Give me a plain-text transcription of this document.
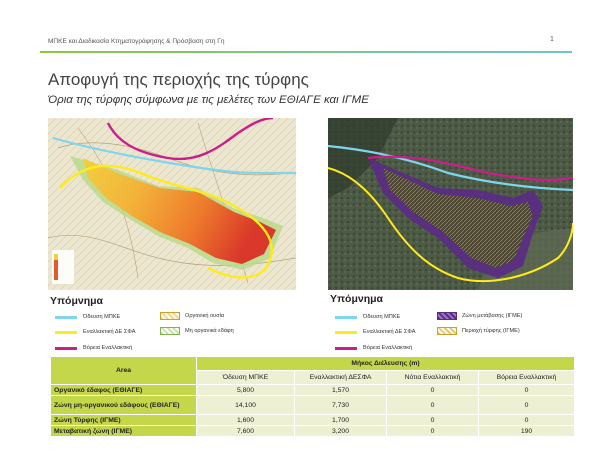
ΜΠΚΕ και Διαδικασία Κτηματογράφησης & Πρόσβαση στη Γη	1
Αποφυγή της περιοχής της τύρφης
Όρια της τύρφης σύμφωνα με τις μελέτες των ΕΘΙΑΓΕ και ΙΓΜΕ
Υπόμνημα
Όδευση ΜΠΚΕ	Οργανική ουσία
Εναλλακτική ΔΕ ΣΦΑ	Μη οργανικά εδάφη
Βόρεια Εναλλακτική
Υπόμνημα
Όδευση ΜΠΚΕ	Ζώνη μετάβασης (ΙΓΜΕ)
Εναλλακτική ΔΕ ΣΦΑ	Περιοχή τύρφης (ΙΓΜΕ)
Βόρεια Εναλλακτική
Area	Μήκος Διέλευσης (m)			
	Όδευση ΜΠΚΕ	Εναλλακτική ΔΕΣΦΑ	Νότια Εναλλακτική	Βόρεια Εναλλακτική
Οργανικό έδαφος (ΕΘΙΑΓΕ)	5,800	1,570	0	0
Ζώνη μη-οργανικού εδάφους (ΕΘΙΑΓΕ)	14,100	7,730	0	0
Ζώνη Τύρφης (ΙΓΜΕ)	1,600	1,700	0	0
Μεταβατική ζώνη (ΙΓΜΕ)	7,600	3,200	0	190
